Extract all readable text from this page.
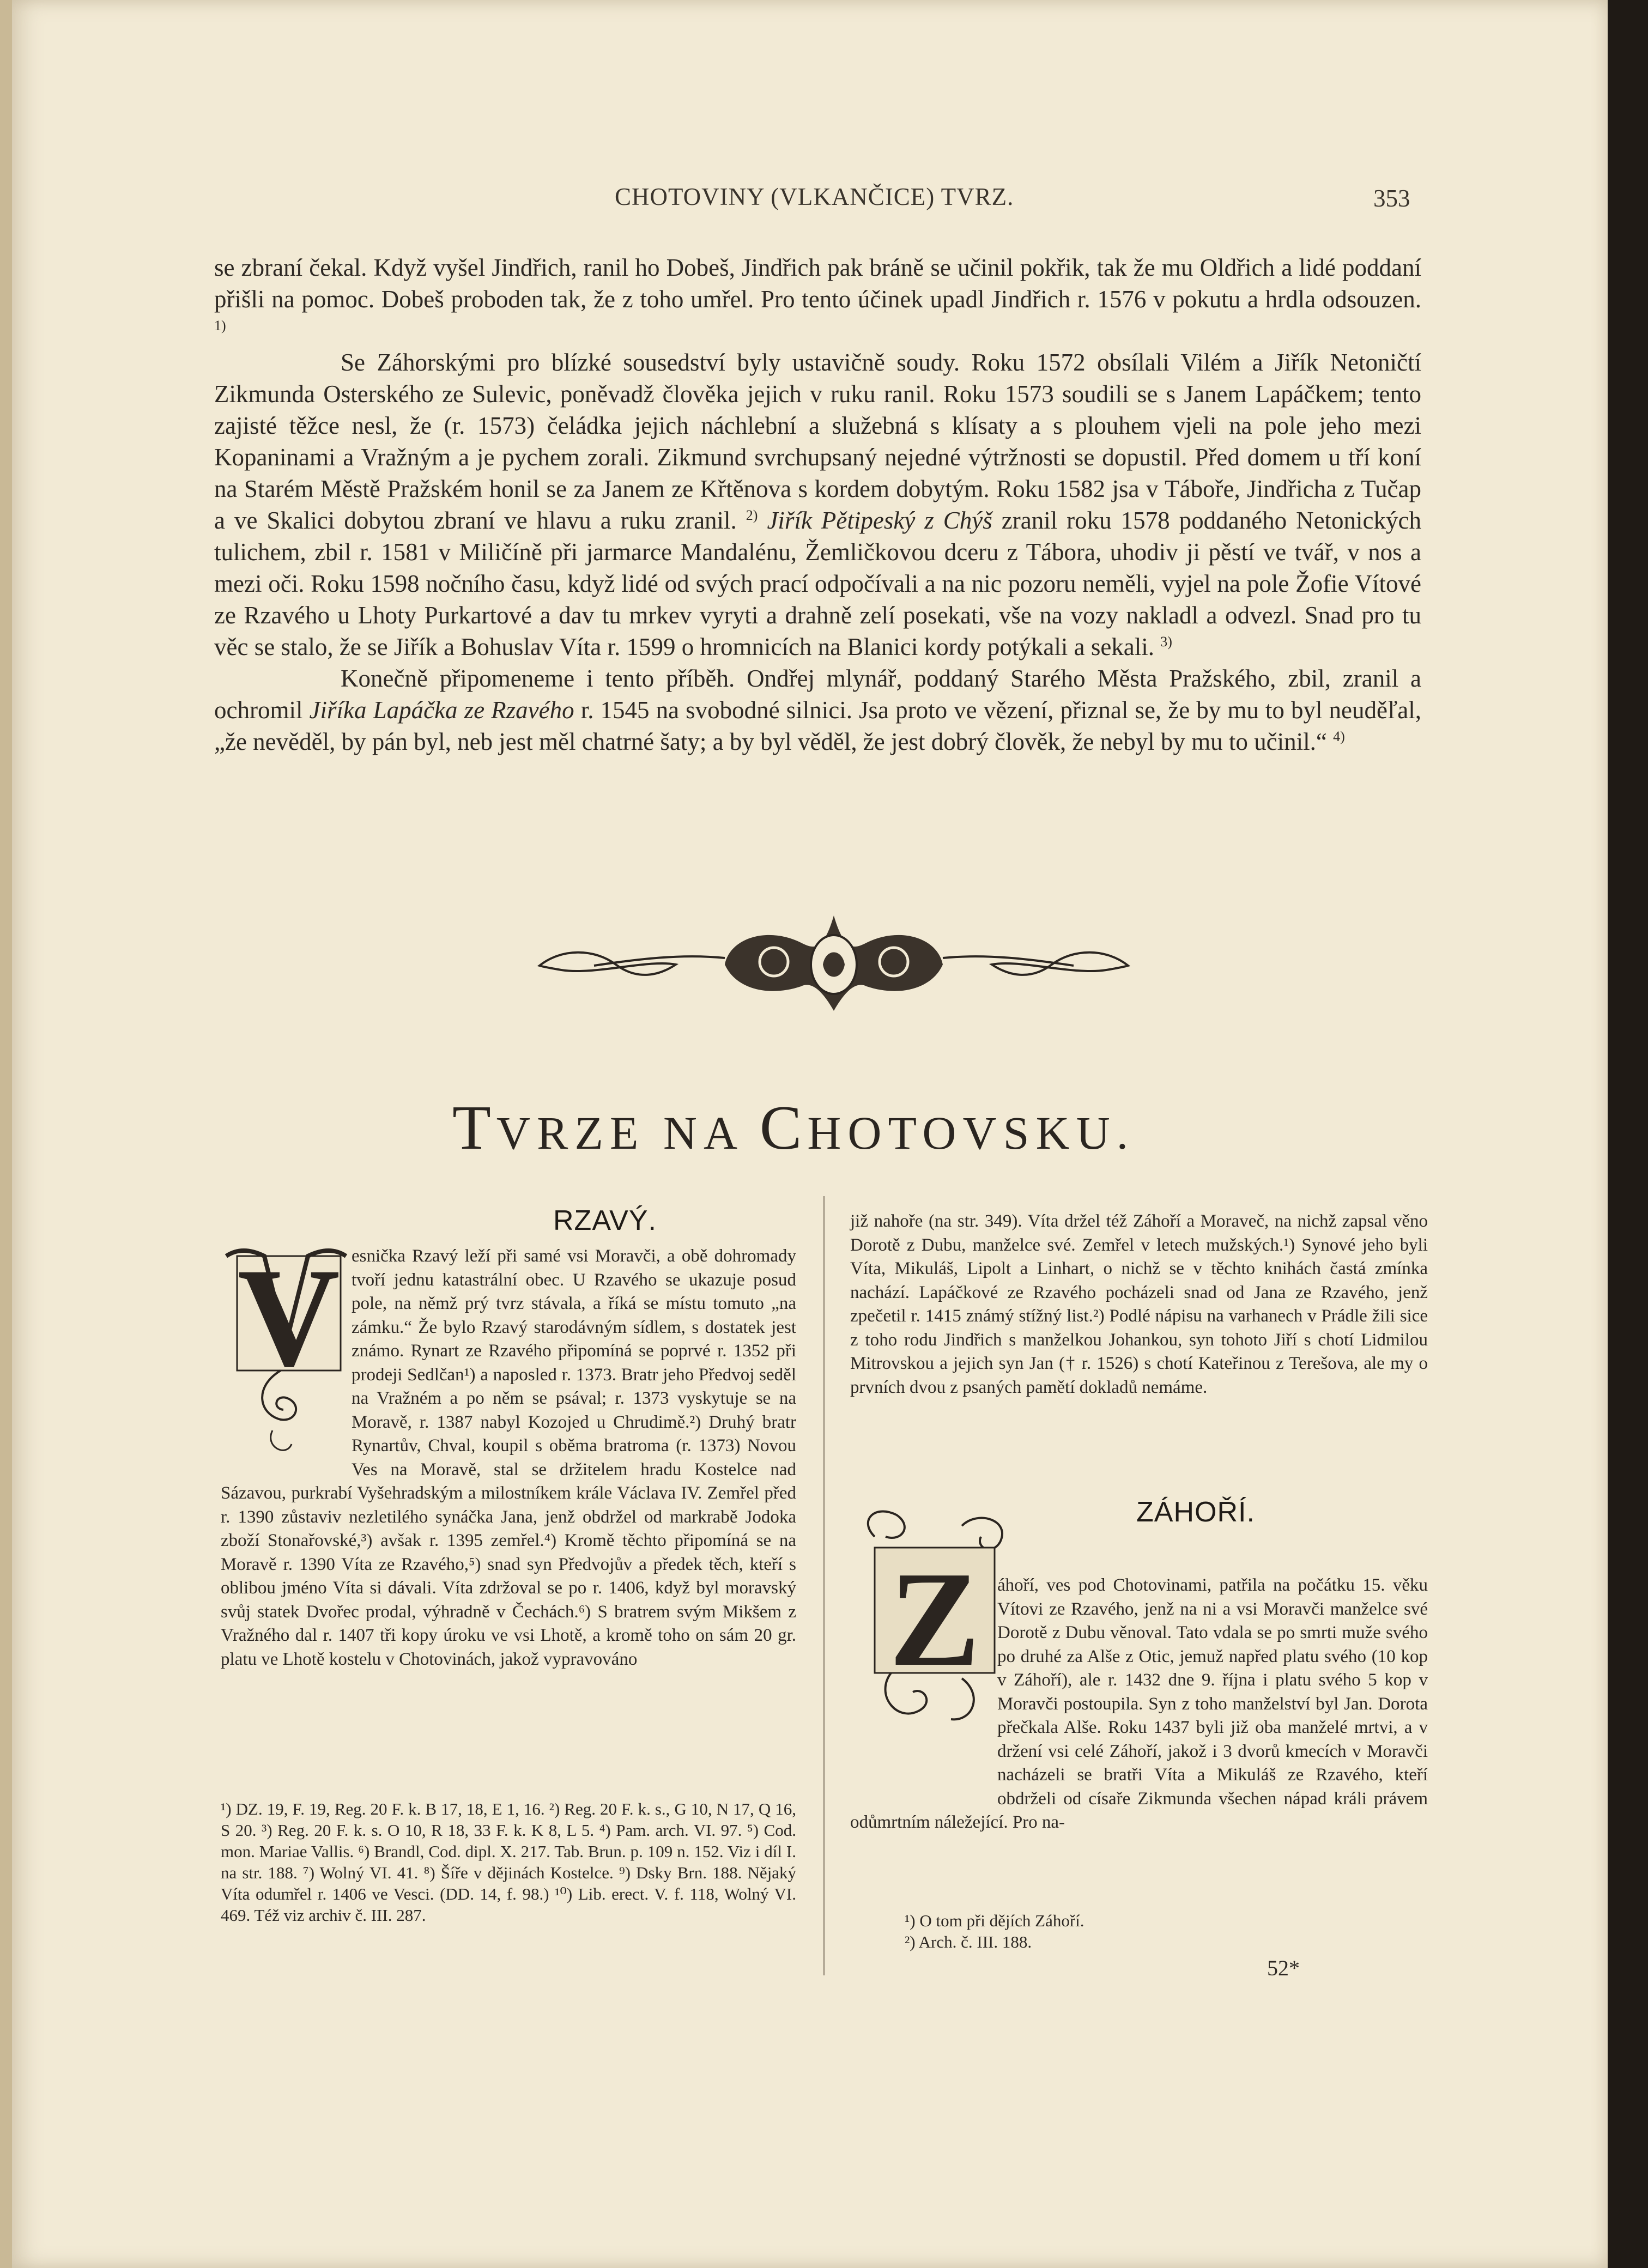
CHOTOVINY (VLKANČICE) TVRZ.	353

se zbraní čekal. Když vyšel Jindřich, ranil ho Dobeš, Jindřich pak bráně se učinil pokřik, tak že mu Oldřich a lidé poddaní přišli na pomoc. Dobeš proboden tak, že z toho umřel. Pro tento účinek upadl Jindřich r. 1576 v pokutu a hrdla odsouzen. $^{1)}$

Se Záhorskými pro blízké sousedství byly ustavičně soudy. Roku 1572 obsílali Vilém a Jiřík Netoničtí Zikmunda Osterského ze Sulevic, poněvadž člověka jejich v ruku ranil. Roku 1573 soudili se s Janem Lapáčkem; tento zajisté těžce nesl, že (r. 1573) čeládka jejich náchlební a služebná s klísaty a s plouhem vjeli na pole jeho mezi Kopaninami a Vražným a je pychem zorali. Zikmund svrchupsaný nejedné výtržnosti se dopustil. Před domem u tří koní na Starém Městě Pražském honil se za Janem ze Křtěnova s kordem dobytým. Roku 1582 jsa v Táboře, Jindřicha z Tučap a ve Skalici dobytou zbraní ve hlavu a ruku zranil. $^{2)}$ Jiřík Pětipeský z Chýš zranil roku 1578 poddaného Netonických tulichem, zbil r. 1581 v Miličíně při jarmarce Mandalénu, Žemličkovou dceru z Tábora, uhodiv ji pěstí ve tvář, v nos a mezi oči. Roku 1598 nočního času, když lidé od svých prací odpočívali a na nic pozoru neměli, vyjel na pole Žofie Vítové ze Rzavého u Lhoty Purkartové a dav tu mrkev vyryti a drahně zelí posekati, vše na vozy nakladl a odvezl. Snad pro tu věc se stalo, že se Jiřík a Bohuslav Víta r. 1599 o hromnicích na Blanici kordy potýkali a sekali. $^{3)}$

Konečně připomeneme i tento příběh. Ondřej mlynář, poddaný Starého Města Pražského, zbil, zranil a ochromil Jiříka Lapáčka ze Rzavého r. 1545 na svobodné silnici. Jsa proto ve vězení, přiznal se, že by mu to byl neuděľal, „že nevěděl, by pán byl, neb jest měl chatrné šaty; a by byl věděl, že jest dobrý člověk, že nebyl by mu to učinil.“ $^{4)}$

TVRZE NA CHOTOVSKU.
RZAVÝ.
V esnička Rzavý leží při samé vsi Moravči, a obě dohromady tvoří jednu katastrální obec. U Rzavého se ukazuje posud pole, na němž prý tvrz stávala, a říká se místu tomuto „na zámku.“ Že bylo Rzavý starodávným sídlem, s dostatek jest známo. Rynart ze Rzavého připomíná se poprvé r. 1352 při prodeji Sedlčan¹) a naposled r. 1373. Bratr jeho Předvoj seděl na Vražném a po něm se psával; r. 1373 vyskytuje se na Moravě, r. 1387 nabyl Kozojed u Chrudimě.²) Druhý bratr Rynartův, Chval, koupil s oběma bratroma (r. 1373) Novou Ves na Moravě, stal se držitelem hradu Kostelce nad Sázavou, purkrabí Vyšehradským a milostníkem krále Václava IV. Zemřel před r. 1390 zůstaviv nezletilého synáčka Jana, jenž obdržel od markrabě Jodoka zboží Stonařovské,³) avšak r. 1395 zemřel.⁴) Kromě těchto připomíná se na Moravě r. 1390 Víta ze Rzavého,⁵) snad syn Předvojův a předek těch, kteří s oblibou jméno Víta si dávali. Víta zdržoval se po r. 1406, když byl moravský svůj statek Dvořec prodal, výhradně v Čechách.⁶) S bratrem svým Mikšem z Vražného dal r. 1407 tři kopy úroku ve vsi Lhotě, a kromě toho on sám 20 gr. platu ve Lhotě kostelu v Chotovinách, jakož vypravováno

¹) DZ. 19, F. 19, Reg. 20 F. k. B 17, 18, E 1, 16. ²) Reg. 20 F. k. s., G 10, N 17, Q 16, S 20. ³) Reg. 20 F. k. s. O 10, R 18, 33 F. k. K 8, L 5. ⁴) Pam. arch. VI. 97. ⁵) Cod. mon. Mariae Vallis. ⁶) Brandl, Cod. dipl. X. 217. Tab. Brun. p. 109 n. 152. Viz i díl I. na str. 188. ⁷) Wolný VI. 41. ⁸) Šíře v dějinách Kostelce. ⁹) Dsky Brn. 188. Nějaký Víta odumřel r. 1406 ve Vesci. (DD. 14, f. 98.) ¹⁰) Lib. erect. V. f. 118, Wolný VI. 469. Též viz archiv č. III. 287.

již nahoře (na str. 349). Víta držel též Záhoří a Moraveč, na nichž zapsal věno Dorotě z Dubu, manželce své. Zemřel v letech mužských.¹) Synové jeho byli Víta, Mikuláš, Lipolt a Linhart, o nichž se v těchto knihách častá zmínka nachází. Lapáčkové ze Rzavého pocházeli snad od Jana ze Rzavého, jenž zpečetil r. 1415 známý stížný list.²) Podlé nápisu na varhanech v Prádle žili sice z toho rodu Jindřich s manželkou Johankou, syn tohoto Jiří s chotí Lidmilou Mitrovskou a jejich syn Jan († r. 1526) s chotí Kateřinou z Terešova, ale my o prvních dvou z psaných pamětí dokladů nemáme.
ZÁHOŘÍ.
Z áhoří, ves pod Chotovinami, patřila na počátku 15. věku Vítovi ze Rzavého, jenž na ni a vsi Moravči manželce své Dorotě z Dubu věnoval. Tato vdala se po smrti muže svého po druhé za Alše z Otic, jemuž napřed platu svého (10 kop v Záhoří), ale r. 1432 dne 9. října i platu svého 5 kop v Moravči postoupila. Syn z toho manželství byl Jan. Dorota přečkala Alše. Roku 1437 byli již oba manželé mrtvi, a v držení vsi celé Záhoří, jakož i 3 dvorů kmecích v Moravči nacházeli se bratři Víta a Mikuláš ze Rzavého, kteří obdrželi od císaře Zikmunda všechen nápad králi právem odůmrtním náležející. Pro na-

¹) O tom při dějích Záhoří.

²) Arch. č. III. 188.

52*
